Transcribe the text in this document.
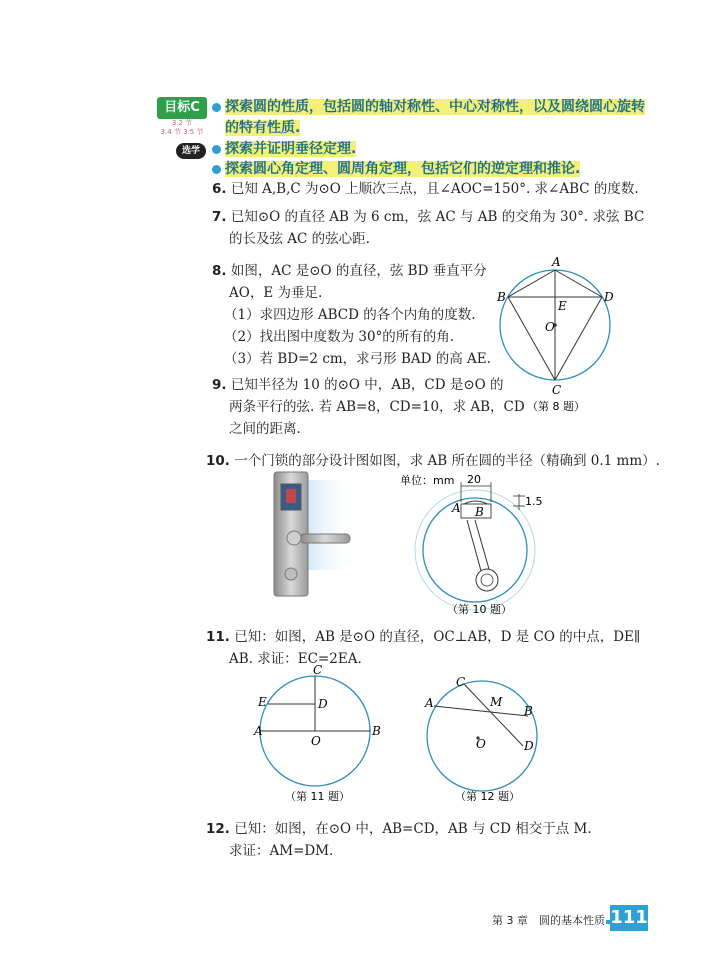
目标C
3.2 节
3.4 节 3.5 节
选学
探索圆的性质，包括圆的轴对称性、中心对称性，以及圆绕圆心旋转
的特有性质.
探索并证明垂径定理.
探索圆心角定理、圆周角定理，包括它们的逆定理和推论.
6. 已知 A,B,C 为⊙O 上顺次三点，且∠AOC=150°. 求∠ABC 的度数.
7. 已知⊙O 的直径 AB 为 6 cm，弦 AC 与 AB 的交角为 30°. 求弦 BC
的长及弦 AC 的弦心距.
8. 如图，AC 是⊙O 的直径，弦 BD 垂直平分
AO，E 为垂足.
（1）求四边形 ABCD 的各个内角的度数.
（2）找出图中度数为 30°的所有的角.
（3）若 BD=2 cm，求弓形 BAD 的高 AE.
9. 已知半径为 10 的⊙O 中，AB，CD 是⊙O 的
两条平行的弦. 若 AB=8，CD=10，求 AB，CD
之间的距离.
10. 一个门锁的部分设计图如图，求 AB 所在圆的半径（精确到 0.1 mm）.
11. 已知：如图，AB 是⊙O 的直径，OC⊥AB，D 是 CO 的中点，DE∥
AB. 求证：EC=2EA.
12. 已知：如图，在⊙O 中，AB=CD，AB 与 CD 相交于点 M.
求证：AM=DM.
A
B	D
E
O
C
（第 8 题）
单位：mm 20
A B
1.5
（第 10 题）
C
E	D
A	B
O
（第 11 题）
C
A	M
B
O	D
（第 12 题）
第 3 章　圆的基本性质 111
